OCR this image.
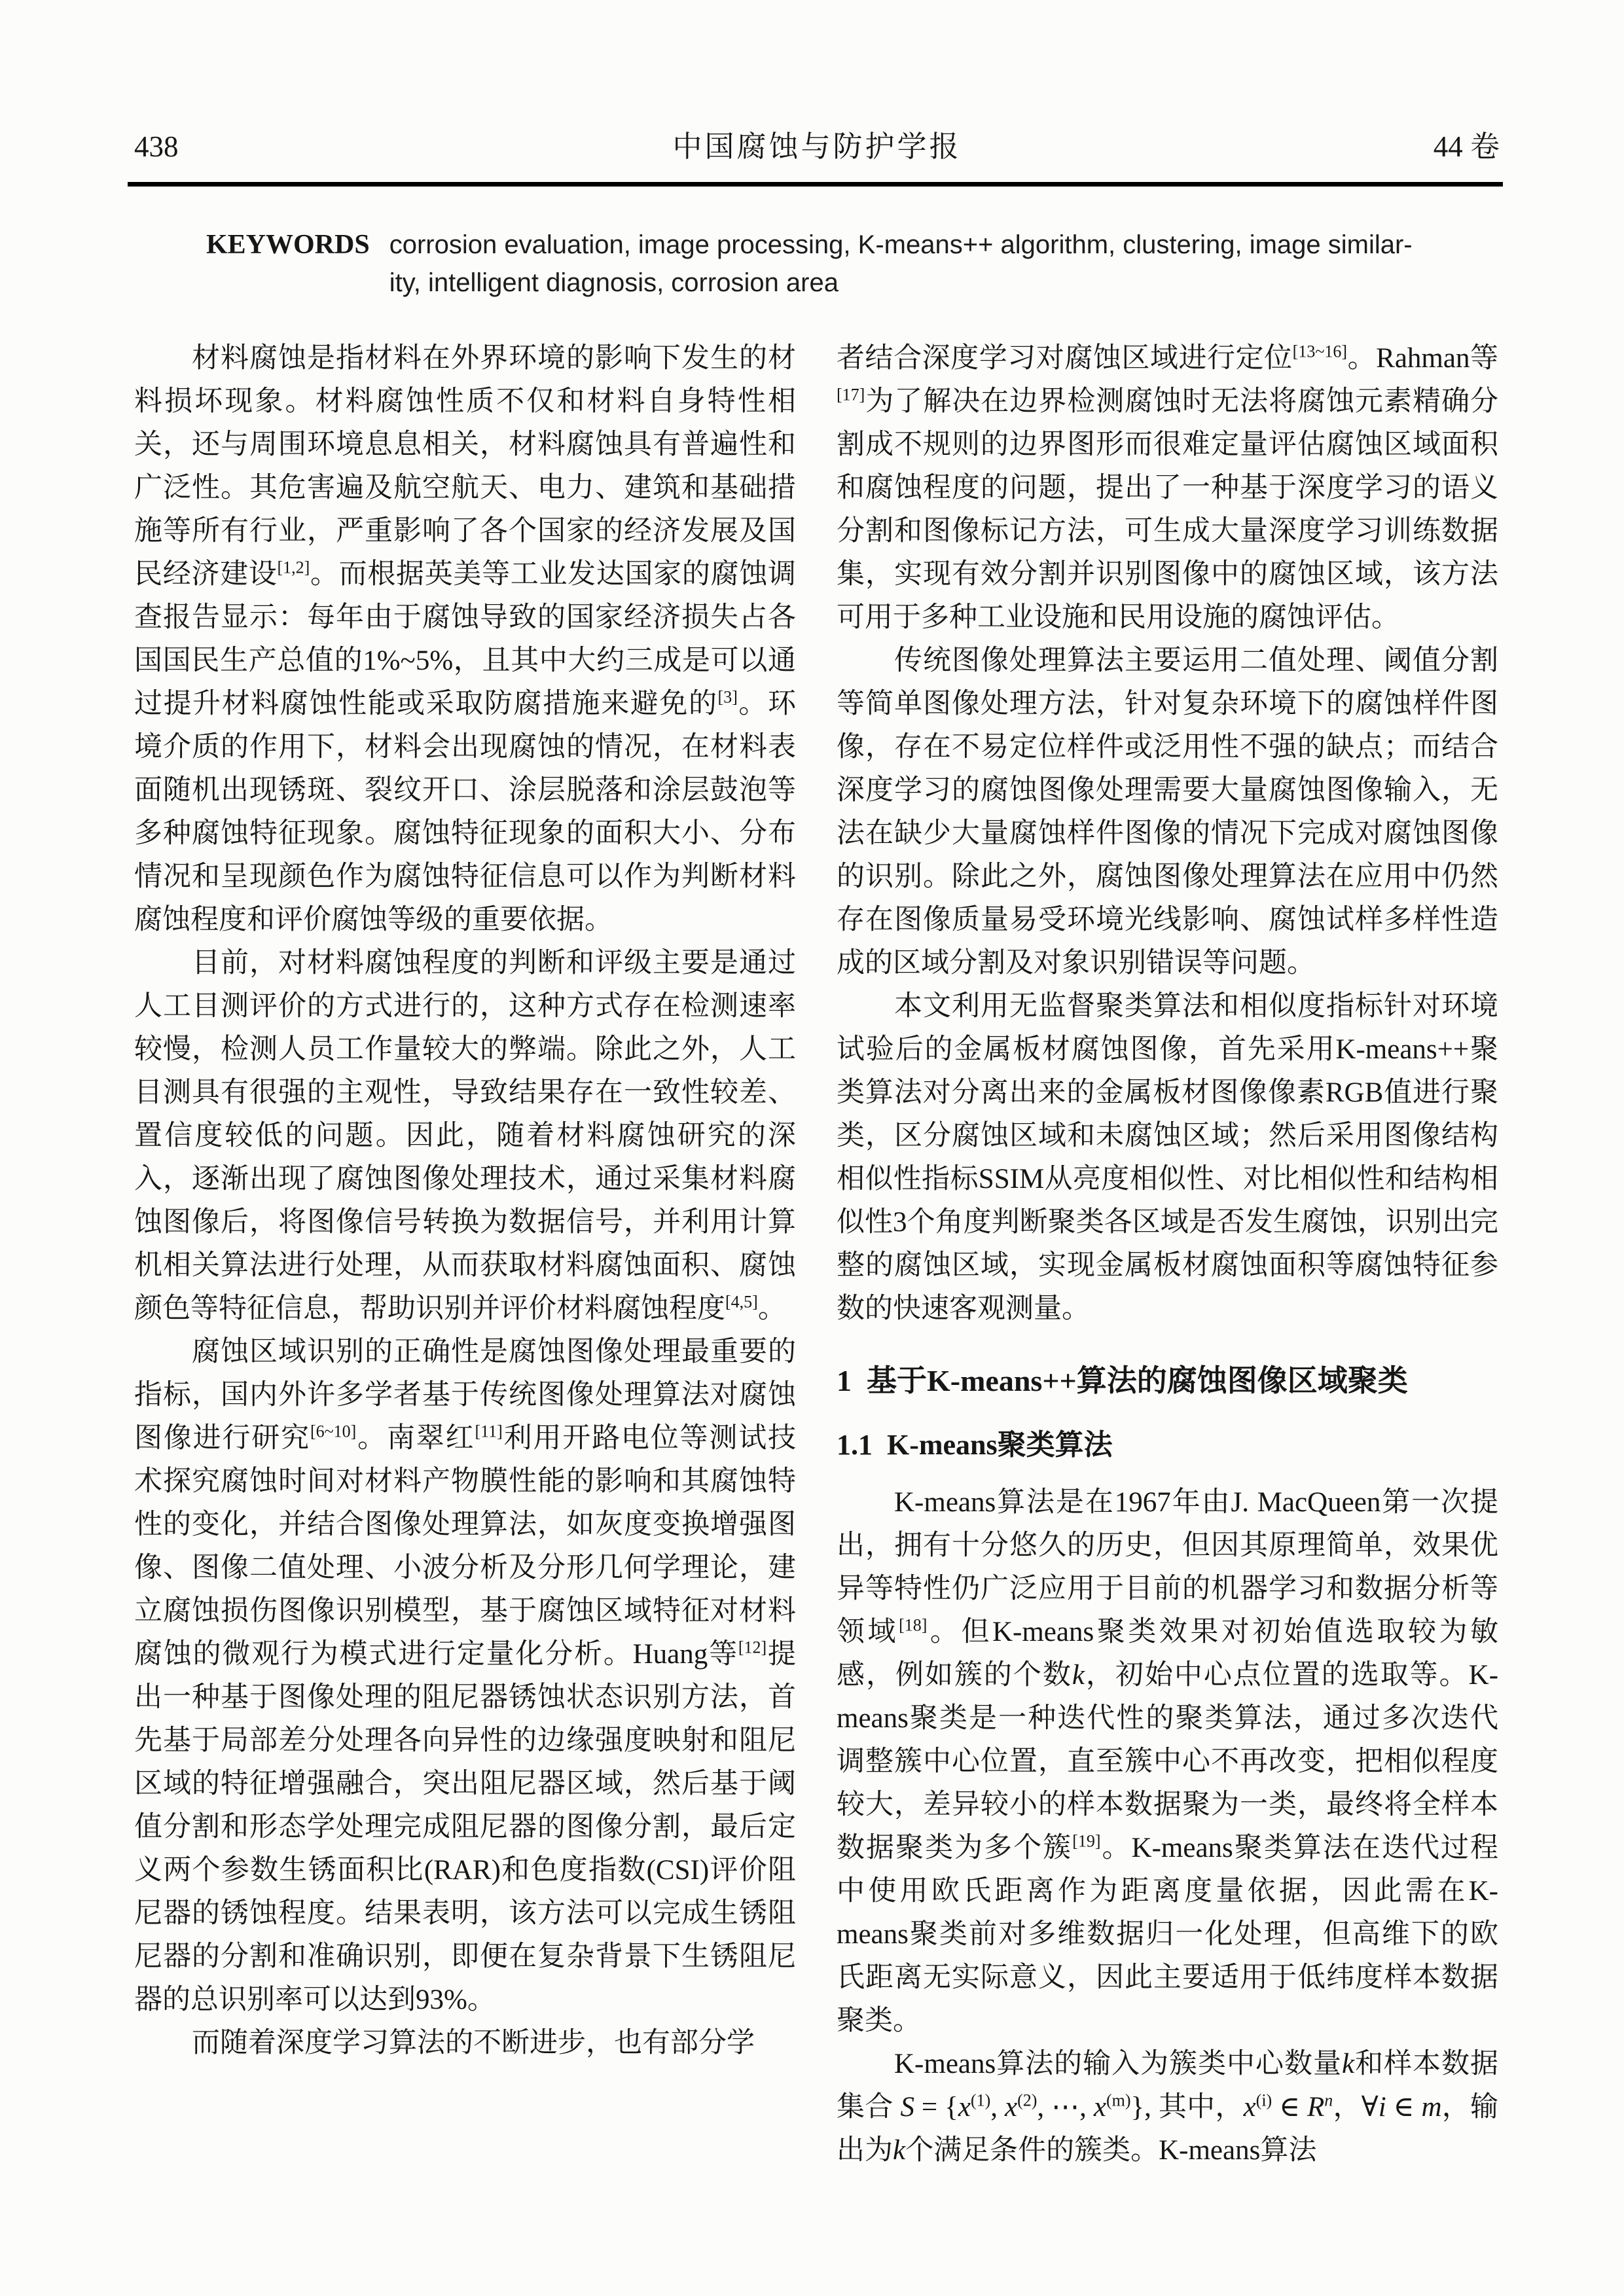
438	中国腐蚀与防护学报	44 卷
KEYWORDS corrosion evaluation, image processing, K-means++ algorithm, clustering, image similar-
ity, intelligent diagnosis, corrosion area

材料腐蚀是指材料在外界环境的影响下发生的材料损坏现象。材料腐蚀性质不仅和材料自身特性相关，还与周围环境息息相关，材料腐蚀具有普遍性和广泛性。其危害遍及航空航天、电力、建筑和基础措施等所有行业，严重影响了各个国家的经济发展及国民经济建设[1,2]。而根据英美等工业发达国家的腐蚀调查报告显示：每年由于腐蚀导致的国家经济损失占各国国民生产总值的1%~5%，且其中大约三成是可以通过提升材料腐蚀性能或采取防腐措施来避免的[3]。环境介质的作用下，材料会出现腐蚀的情况，在材料表面随机出现锈斑、裂纹开口、涂层脱落和涂层鼓泡等多种腐蚀特征现象。腐蚀特征现象的面积大小、分布情况和呈现颜色作为腐蚀特征信息可以作为判断材料腐蚀程度和评价腐蚀等级的重要依据。

目前，对材料腐蚀程度的判断和评级主要是通过人工目测评价的方式进行的，这种方式存在检测速率较慢，检测人员工作量较大的弊端。除此之外，人工目测具有很强的主观性，导致结果存在一致性较差、置信度较低的问题。因此，随着材料腐蚀研究的深入，逐渐出现了腐蚀图像处理技术，通过采集材料腐蚀图像后，将图像信号转换为数据信号，并利用计算机相关算法进行处理，从而获取材料腐蚀面积、腐蚀颜色等特征信息，帮助识别并评价材料腐蚀程度[4,5]。

腐蚀区域识别的正确性是腐蚀图像处理最重要的指标，国内外许多学者基于传统图像处理算法对腐蚀图像进行研究[6~10]。南翠红[11]利用开路电位等测试技术探究腐蚀时间对材料产物膜性能的影响和其腐蚀特性的变化，并结合图像处理算法，如灰度变换增强图像、图像二值处理、小波分析及分形几何学理论，建立腐蚀损伤图像识别模型，基于腐蚀区域特征对材料腐蚀的微观行为模式进行定量化分析。Huang等[12]提出一种基于图像处理的阻尼器锈蚀状态识别方法，首先基于局部差分处理各向异性的边缘强度映射和阻尼区域的特征增强融合，突出阻尼器区域，然后基于阈值分割和形态学处理完成阻尼器的图像分割，最后定义两个参数生锈面积比(RAR)和色度指数(CSI)评价阻尼器的锈蚀程度。结果表明，该方法可以完成生锈阻尼器的分割和准确识别，即便在复杂背景下生锈阻尼器的总识别率可以达到93%。

而随着深度学习算法的不断进步，也有部分学

者结合深度学习对腐蚀区域进行定位[13~16]。Rahman等[17]为了解决在边界检测腐蚀时无法将腐蚀元素精确分割成不规则的边界图形而很难定量评估腐蚀区域面积和腐蚀程度的问题，提出了一种基于深度学习的语义分割和图像标记方法，可生成大量深度学习训练数据集，实现有效分割并识别图像中的腐蚀区域，该方法可用于多种工业设施和民用设施的腐蚀评估。

传统图像处理算法主要运用二值处理、阈值分割等简单图像处理方法，针对复杂环境下的腐蚀样件图像，存在不易定位样件或泛用性不强的缺点；而结合深度学习的腐蚀图像处理需要大量腐蚀图像输入，无法在缺少大量腐蚀样件图像的情况下完成对腐蚀图像的识别。除此之外，腐蚀图像处理算法在应用中仍然存在图像质量易受环境光线影响、腐蚀试样多样性造成的区域分割及对象识别错误等问题。

本文利用无监督聚类算法和相似度指标针对环境试验后的金属板材腐蚀图像，首先采用K-means++聚类算法对分离出来的金属板材图像像素RGB值进行聚类，区分腐蚀区域和未腐蚀区域；然后采用图像结构相似性指标SSIM从亮度相似性、对比相似性和结构相似性3个角度判断聚类各区域是否发生腐蚀，识别出完整的腐蚀区域，实现金属板材腐蚀面积等腐蚀特征参数的快速客观测量。

1  基于K-means++算法的腐蚀图像区域聚类
1.1  K-means聚类算法

K-means算法是在1967年由J. MacQueen第一次提出，拥有十分悠久的历史，但因其原理简单，效果优异等特性仍广泛应用于目前的机器学习和数据分析等领域[18]。但K-means聚类效果对初始值选取较为敏感，例如簇的个数k，初始中心点位置的选取等。K-means聚类是一种迭代性的聚类算法，通过多次迭代调整簇中心位置，直至簇中心不再改变，把相似程度较大，差异较小的样本数据聚为一类，最终将全样本数据聚类为多个簇[19]。K-means聚类算法在迭代过程中使用欧氏距离作为距离度量依据，因此需在K-means聚类前对多维数据归一化处理，但高维下的欧氏距离无实际意义，因此主要适用于低纬度样本数据聚类。

K-means算法的输入为簇类中心数量k和样本数据集合 S = {x$^{(1)}$, x$^{(2)}$, ⋯, x$^{(m)}$}, 其中，x$^{(i)}$ ∈ R$^n$，∀i ∈ m，输出为k个满足条件的簇类。K-means算法
